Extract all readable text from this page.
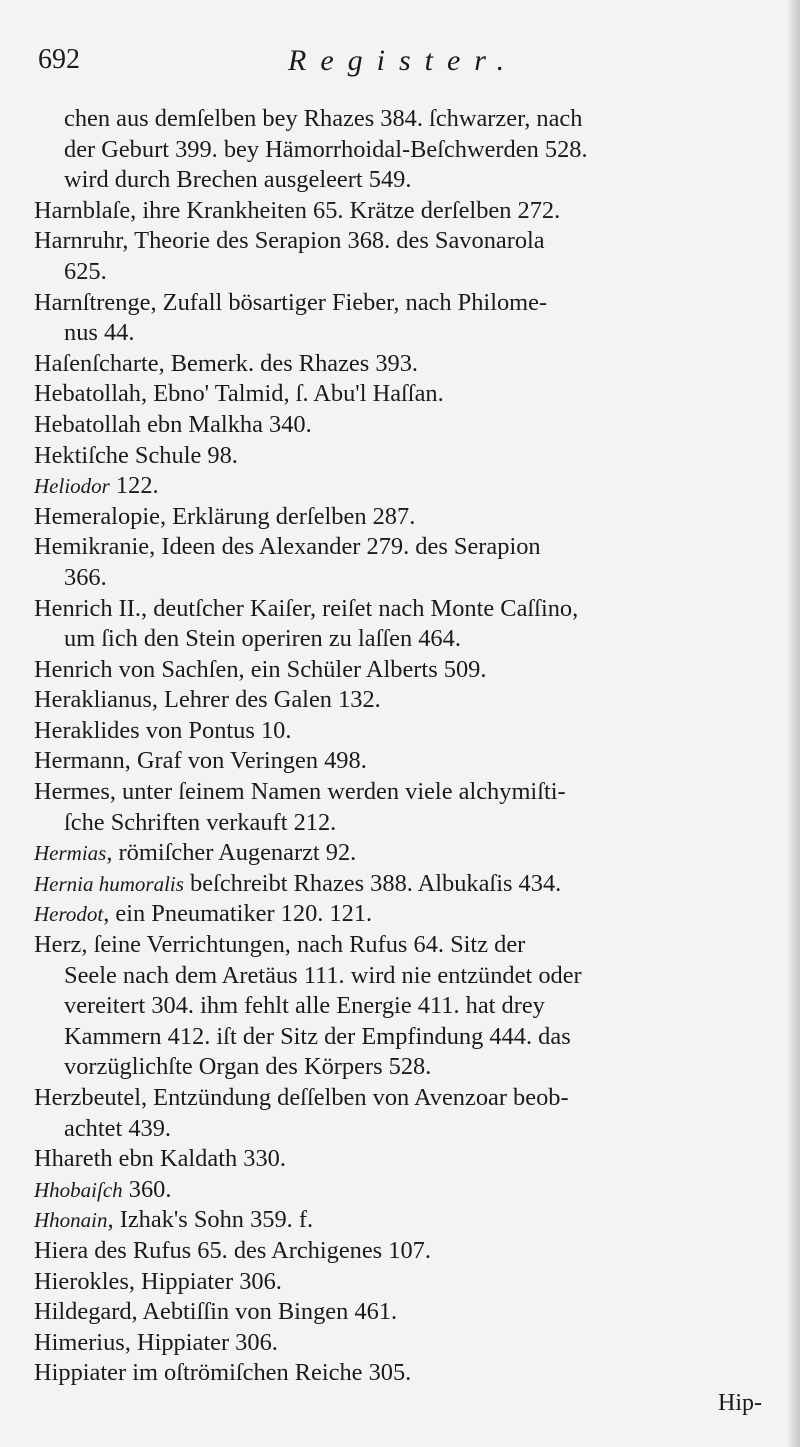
692	Register.

chen aus demſelben bey Rhazes 384. ſchwarzer, nach
der Geburt 399. bey Hämorrhoidal-Beſchwerden 528.
wird durch Brechen ausgeleert 549.

Harnblaſe, ihre Krankheiten 65. Krätze derſelben 272.

Harnruhr, Theorie des Serapion 368. des Savonarola
625.

Harnſtrenge, Zufall bösartiger Fieber, nach Philome-
nus 44.

Haſenſcharte, Bemerk. des Rhazes 393.

Hebatollah, Ebno' Talmid, ſ. Abu'l Haſſan.

Hebatollah ebn Malkha 340.

Hektiſche Schule 98.

Heliodor 122.

Hemeralopie, Erklärung derſelben 287.

Hemikranie, Ideen des Alexander 279. des Serapion
366.

Henrich II., deutſcher Kaiſer, reiſet nach Monte Caſſino,
um ſich den Stein operiren zu laſſen 464.

Henrich von Sachſen, ein Schüler Alberts 509.

Heraklianus, Lehrer des Galen 132.

Heraklides von Pontus 10.

Hermann, Graf von Veringen 498.

Hermes, unter ſeinem Namen werden viele alchymiſti-
ſche Schriften verkauft 212.

Hermias, römiſcher Augenarzt 92.

Hernia humoralis beſchreibt Rhazes 388. Albukaſis 434.

Herodot, ein Pneumatiker 120. 121.

Herz, ſeine Verrichtungen, nach Rufus 64. Sitz der
Seele nach dem Aretäus 111. wird nie entzündet oder
vereitert 304. ihm fehlt alle Energie 411. hat drey
Kammern 412. iſt der Sitz der Empfindung 444. das
vorzüglichſte Organ des Körpers 528.

Herzbeutel, Entzündung deſſelben von Avenzoar beob-
achtet 439.

Hhareth ebn Kaldath 330.

Hhobaiſch 360.

Hhonain, Izhak's Sohn 359. f.

Hiera des Rufus 65. des Archigenes 107.

Hierokles, Hippiater 306.

Hildegard, Aebtiſſin von Bingen 461.

Himerius, Hippiater 306.

Hippiater im oſtrömiſchen Reiche 305.

Hip-
